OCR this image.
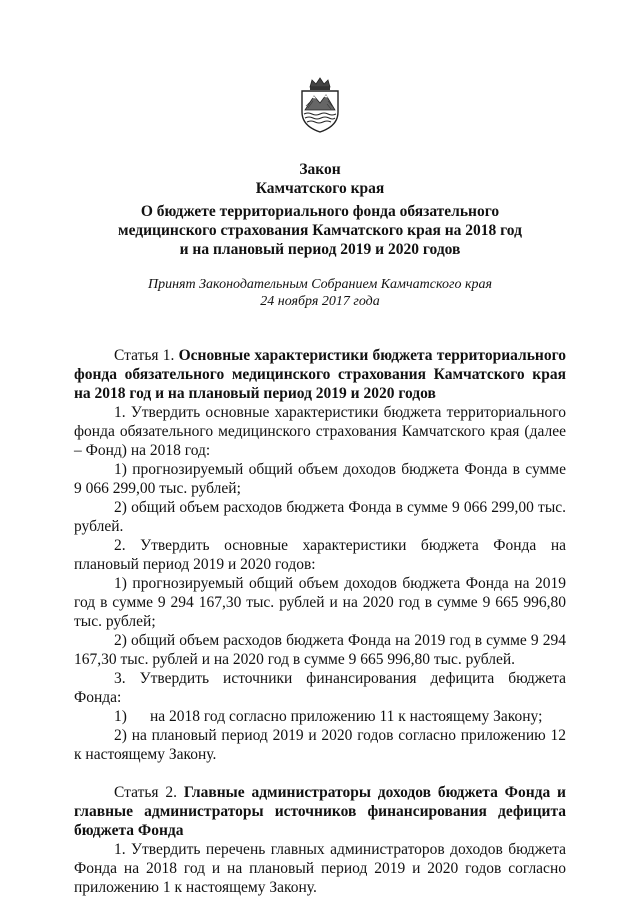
Закон
Камчатского края
О бюджете территориального фонда обязательного
медицинского страхования Камчатского края на 2018 год
и на плановый период 2019 и 2020 годов
Принят Законодательным Собранием Камчатского края
24 ноября 2017 года

Статья 1. Основные характеристики бюджета территориального фонда обязательного медицинского страхования Камчатского края на 2018 год и на плановый период 2019 и 2020 годов

1. Утвердить основные характеристики бюджета территориального фонда обязательного медицинского страхования Камчатского края (далее – Фонд) на 2018 год:

1) прогнозируемый общий объем доходов бюджета Фонда в сумме 9 066 299,00 тыс. рублей;

2) общий объем расходов бюджета Фонда в сумме 9 066 299,00 тыс. рублей.

2. Утвердить основные характеристики бюджета Фонда на плановый период 2019 и 2020 годов:

1) прогнозируемый общий объем доходов бюджета Фонда на 2019 год в сумме 9 294 167,30 тыс. рублей и на 2020 год в сумме 9 665 996,80 тыс. рублей;

2) общий объем расходов бюджета Фонда на 2019 год в сумме 9 294 167,30 тыс. рублей и на 2020 год в сумме 9 665 996,80 тыс. рублей.

3. Утвердить источники финансирования дефицита бюджета Фонда:

1) на 2018 год согласно приложению 11 к настоящему Закону;

2) на плановый период 2019 и 2020 годов согласно приложению 12 к настоящему Закону.

Статья 2. Главные администраторы доходов бюджета Фонда и главные администраторы источников финансирования дефицита бюджета Фонда

1. Утвердить перечень главных администраторов доходов бюджета Фонда на 2018 год и на плановый период 2019 и 2020 годов согласно приложению 1 к настоящему Закону.
